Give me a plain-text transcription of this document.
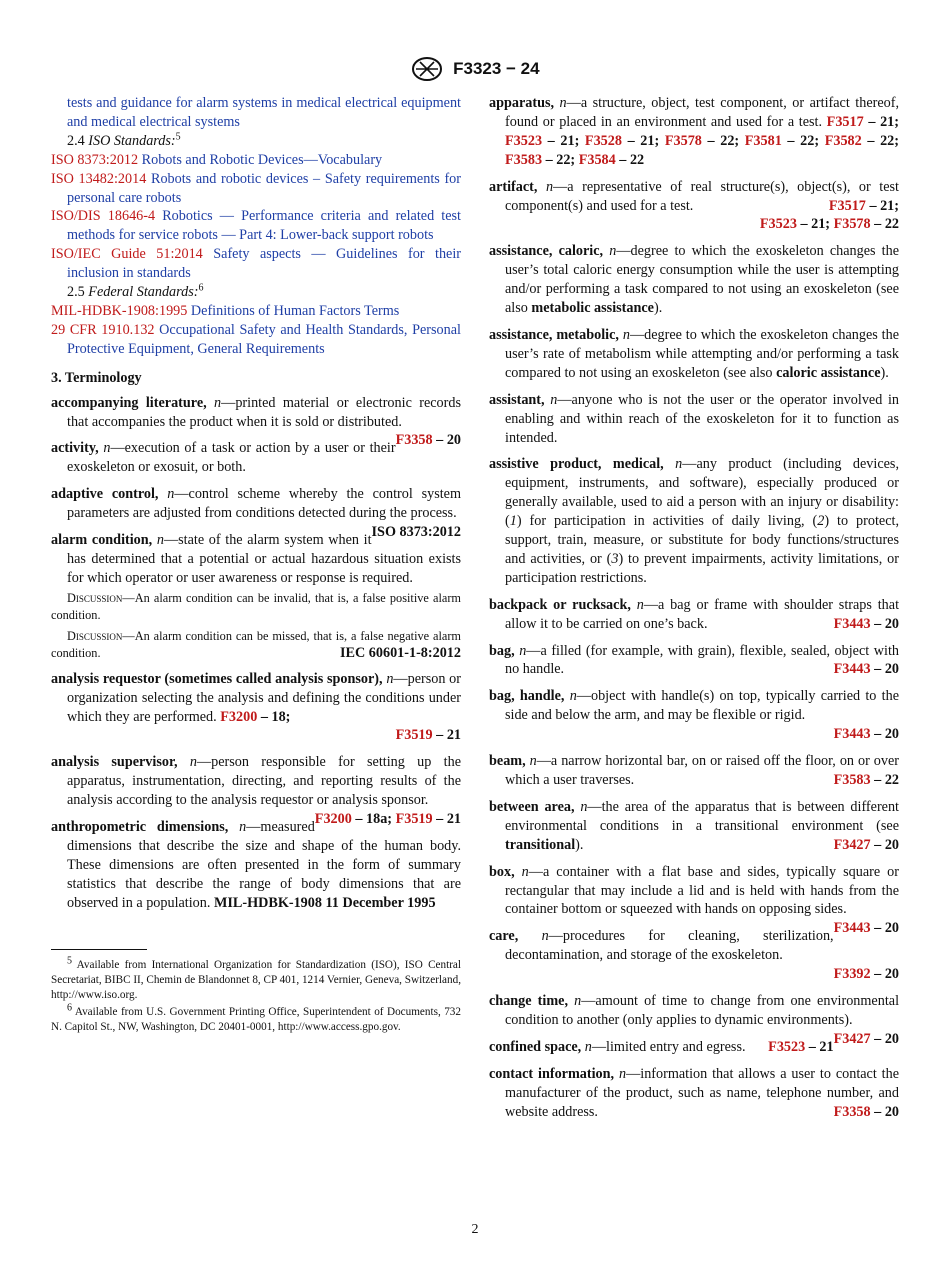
F3323 − 24
tests and guidance for alarm systems in medical electrical equipment and medical electrical systems
2.4 ISO Standards:$^5$
ISO 8373:2012 Robots and Robotic Devices—Vocabulary
ISO 13482:2014 Robots and robotic devices – Safety requirements for personal care robots
ISO/DIS 18646-4 Robotics — Performance criteria and related test methods for service robots — Part 4: Lower-back support robots
ISO/IEC Guide 51:2014 Safety aspects — Guidelines for their inclusion in standards
2.5 Federal Standards:$^6$
MIL-HDBK-1908:1995 Definitions of Human Factors Terms
29 CFR 1910.132 Occupational Safety and Health Standards, Personal Protective Equipment, General Requirements
3. Terminology
accompanying literature, n—printed material or electronic records that accompanies the product when it is sold or distributed.
F3358 – 20
activity, n—execution of a task or action by a user or their exoskeleton or exosuit, or both.
adaptive control, n—control scheme whereby the control system parameters are adjusted from conditions detected during the process.
ISO 8373:2012
alarm condition, n—state of the alarm system when it has determined that a potential or actual hazardous situation exists for which operator or user awareness or response is required.
Discussion—An alarm condition can be invalid, that is, a false positive alarm condition.
Discussion—An alarm condition can be missed, that is, a false negative alarm condition.	IEC 60601-1-8:2012
analysis requestor (sometimes called analysis sponsor), n—person or organization selecting the analysis and defining the conditions under which they are performed. F3200 – 18;
F3519 – 21
analysis supervisor, n—person responsible for setting up the apparatus, instrumentation, directing, and reporting results of the analysis according to the analysis requestor or analysis sponsor.
F3200 – 18a; F3519 – 21
anthropometric dimensions, n—measured dimensions that describe the size and shape of the human body. These dimensions are often presented in the form of summary statistics that describe the range of body dimensions that are observed in a population. MIL-HDBK-1908 11 December 1995
$^5$ Available from International Organization for Standardization (ISO), ISO Central Secretariat, BIBC II, Chemin de Blandonnet 8, CP 401, 1214 Vernier, Geneva, Switzerland, http://www.iso.org.
$^6$ Available from U.S. Government Printing Office, Superintendent of Documents, 732 N. Capitol St., NW, Washington, DC 20401-0001, http://www.access.gpo.gov.
apparatus, n—a structure, object, test component, or artifact thereof, found or placed in an environment and used for a test. F3517 – 21; F3523 – 21; F3528 – 21; F3578 – 22; F3581 – 22; F3582 – 22; F3583 – 22; F3584 – 22
artifact, n—a representative of real structure(s), object(s), or test component(s) and used for a test.	F3517 – 21;
F3523 – 21; F3578 – 22
assistance, caloric, n—degree to which the exoskeleton changes the user’s total caloric energy consumption while the user is attempting and/or performing a task compared to not using an exoskeleton (see also metabolic assistance).
assistance, metabolic, n—degree to which the exoskeleton changes the user’s rate of metabolism while attempting and/or performing a task compared to not using an exoskeleton (see also caloric assistance).
assistant, n—anyone who is not the user or the operator involved in enabling and within reach of the exoskeleton for it to function as intended.
assistive product, medical, n—any product (including devices, equipment, instruments, and software), especially produced or generally available, used to aid a person with an injury or disability: (1) for participation in activities of daily living, (2) to protect, support, train, measure, or substitute for body functions/structures and activities, or (3) to prevent impairments, activity limitations, or participation restrictions.
backpack or rucksack, n—a bag or frame with shoulder straps that allow it to be carried on one’s back.	F3443 – 20
bag, n—a filled (for example, with grain), flexible, sealed, object with no handle.	F3443 – 20
bag, handle, n—object with handle(s) on top, typically carried to the side and below the arm, and may be flexible or rigid.
F3443 – 20
beam, n—a narrow horizontal bar, on or raised off the floor, on or over which a user traverses.	F3583 – 22
between area, n—the area of the apparatus that is between different environmental conditions in a transitional environment (see transitional).	F3427 – 20
box, n—a container with a flat base and sides, typically square or rectangular that may include a lid and is held with hands from the container bottom or squeezed with hands on opposing sides.
F3443 – 20
care, n—procedures for cleaning, sterilization, decontamination, and storage of the exoskeleton.
F3392 – 20
change time, n—amount of time to change from one environmental condition to another (only applies to dynamic environments).
F3427 – 20
confined space, n—limited entry and egress. F3523 – 21
contact information, n—information that allows a user to contact the manufacturer of the product, such as name, telephone number, and website address.	F3358 – 20
2
